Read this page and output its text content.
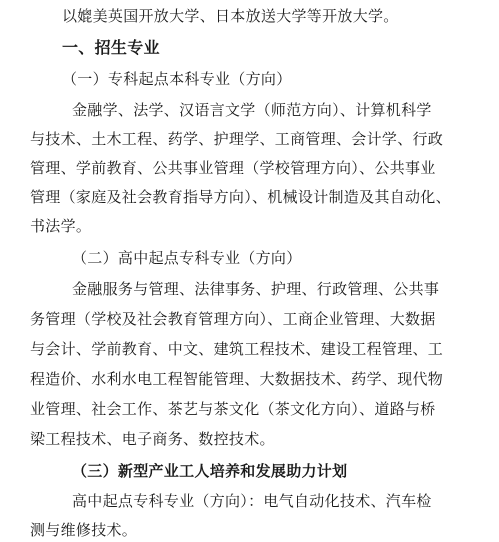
以媲美英国开放大学、日本放送大学等开放大学。
一、招生专业
（一）专科起点本科专业（方向）
金融学、法学、汉语言文学（师范方向）、计算机科学
与技术、土木工程、药学、护理学、工商管理、会计学、行政
管理、学前教育、公共事业管理（学校管理方向）、公共事业
管理（家庭及社会教育指导方向）、机械设计制造及其自动化、
书法学。
（二）高中起点专科专业（方向）
金融服务与管理、法律事务、护理、行政管理、公共事
务管理（学校及社会教育管理方向）、工商企业管理、大数据
与会计、学前教育、中文、建筑工程技术、建设工程管理、工
程造价、水利水电工程智能管理、大数据技术、药学、现代物
业管理、社会工作、茶艺与茶文化（茶文化方向）、道路与桥
梁工程技术、电子商务、数控技术。
（三）新型产业工人培养和发展助力计划
高中起点专科专业（方向）：电气自动化技术、汽车检
测与维修技术。
